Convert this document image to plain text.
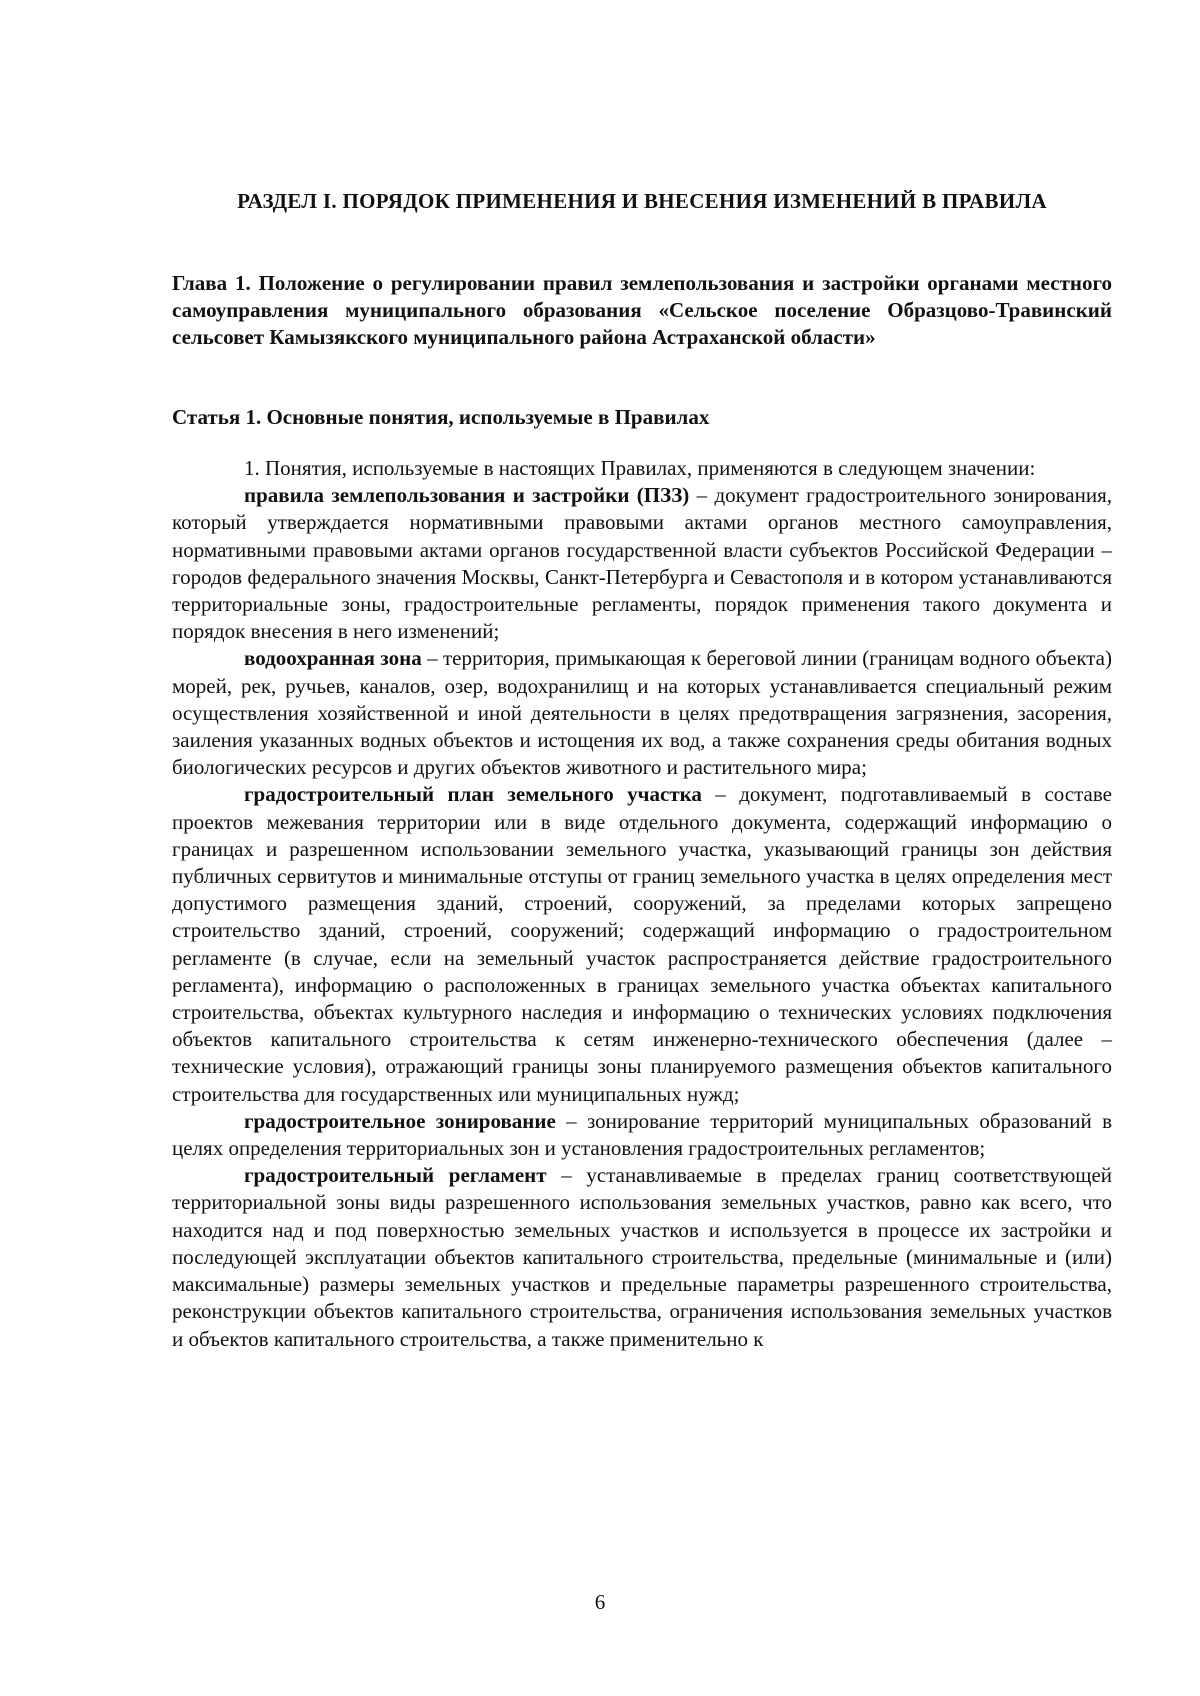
РАЗДЕЛ I. ПОРЯДОК ПРИМЕНЕНИЯ И ВНЕСЕНИЯ ИЗМЕНЕНИЙ В ПРАВИЛА
Глава 1. Положение о регулировании правил землепользования и застройки органами местного самоуправления муниципального образования «Сельское поселение Образцово-Травинский сельсовет Камызякского муниципального района Астраханской области»
Статья 1. Основные понятия, используемые в Правилах

1. Понятия, используемые в настоящих Правилах, применяются в следующем значении:

правила землепользования и застройки (ПЗЗ) – документ градостроительного зонирования, который утверждается нормативными правовыми актами органов местного самоуправления, нормативными правовыми актами органов государственной власти субъектов Российской Федерации – городов федерального значения Москвы, Санкт-Петербурга и Севастополя и в котором устанавливаются территориальные зоны, градостроительные регламенты, порядок применения такого документа и порядок внесения в него изменений;

водоохранная зона – территория, примыкающая к береговой линии (границам водного объекта) морей, рек, ручьев, каналов, озер, водохранилищ и на которых устанавливается специальный режим осуществления хозяйственной и иной деятельности в целях предотвращения загрязнения, засорения, заиления указанных водных объектов и истощения их вод, а также сохранения среды обитания водных биологических ресурсов и других объектов животного и растительного мира;

градостроительный план земельного участка – документ, подготавливаемый в составе проектов межевания территории или в виде отдельного документа, содержащий информацию о границах и разрешенном использовании земельного участка, указывающий границы зон действия публичных сервитутов и минимальные отступы от границ земельного участка в целях определения мест допустимого размещения зданий, строений, сооружений, за пределами которых запрещено строительство зданий, строений, сооружений; содержащий информацию о градостроительном регламенте (в случае, если на земельный участок распространяется действие градостроительного регламента), информацию о расположенных в границах земельного участка объектах капитального строительства, объектах культурного наследия и информацию о технических условиях подключения объектов капитального строительства к сетям инженерно-технического обеспечения (далее – технические условия), отражающий границы зоны планируемого размещения объектов капитального строительства для государственных или муниципальных нужд;

градостроительное зонирование – зонирование территорий муниципальных образований в целях определения территориальных зон и установления градостроительных регламентов;

градостроительный регламент – устанавливаемые в пределах границ соответствующей территориальной зоны виды разрешенного использования земельных участков, равно как всего, что находится над и под поверхностью земельных участков и используется в процессе их застройки и последующей эксплуатации объектов капитального строительства, предельные (минимальные и (или) максимальные) размеры земельных участков и предельные параметры разрешенного строительства, реконструкции объектов капитального строительства, ограничения использования земельных участков и объектов капитального строительства, а также применительно к

6
